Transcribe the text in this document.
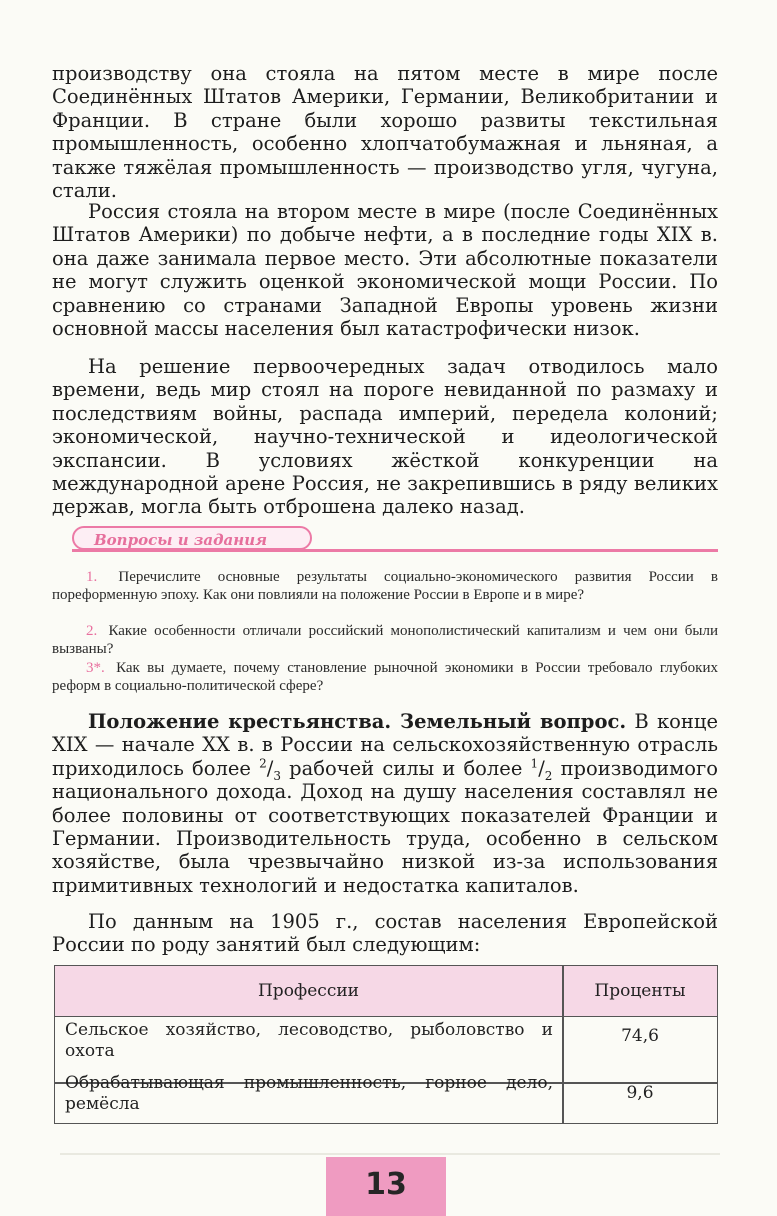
производству она стояла на пятом месте в мире после Соединённых Штатов Америки, Германии, Великобритании и Франции. В стране были хорошо развиты текстильная промышленность, особенно хлопчатобумажная и льняная, а также тяжёлая промышленность — производство угля, чугуна, стали.

Россия стояла на втором месте в мире (после Соединённых Штатов Америки) по добыче нефти, а в последние годы XIX в. она даже занимала первое место. Эти абсолютные показатели не могут служить оценкой экономической мощи России. По сравнению со странами Западной Европы уровень жизни основной массы населения был катастрофически низок.

На решение первоочередных задач отводилось мало времени, ведь мир стоял на пороге невиданной по размаху и последствиям войны, распада империй, передела колоний; экономической, научно-технической и идеологической экспансии. В условиях жёсткой конкуренции на международной арене Россия, не закрепившись в ряду великих держав, могла быть отброшена далеко назад.

Вопросы и задания

1. Перечислите основные результаты социально-экономического развития России в пореформенную эпоху. Как они повлияли на положение России в Европе и в мире?

2. Какие особенности отличали российский монополистический капитализм и чем они были вызваны?

3*. Как вы думаете, почему становление рыночной экономики в России требовало глубоких реформ в социально-политической сфере?

Положение крестьянства. Земельный вопрос. В конце XIX — начале XX в. в России на сельскохозяйственную отрасль приходилось более $^2/_3$ рабочей силы и более $^1/_2$ производимого национального дохода. Доход на душу населения составлял не более половины от соответствующих показателей Франции и Германии. Производительность труда, особенно в сельском хозяйстве, была чрезвычайно низкой из-за использования примитивных технологий и недостатка капиталов.

По данным на 1905 г., состав населения Европейской России по роду занятий был следующим:

Профессии	Проценты

Сельское хозяйство, лесоводство, рыболовство и охота

74,6

Обрабатывающая промышленность, горное дело, ремёсла

9,6

13
